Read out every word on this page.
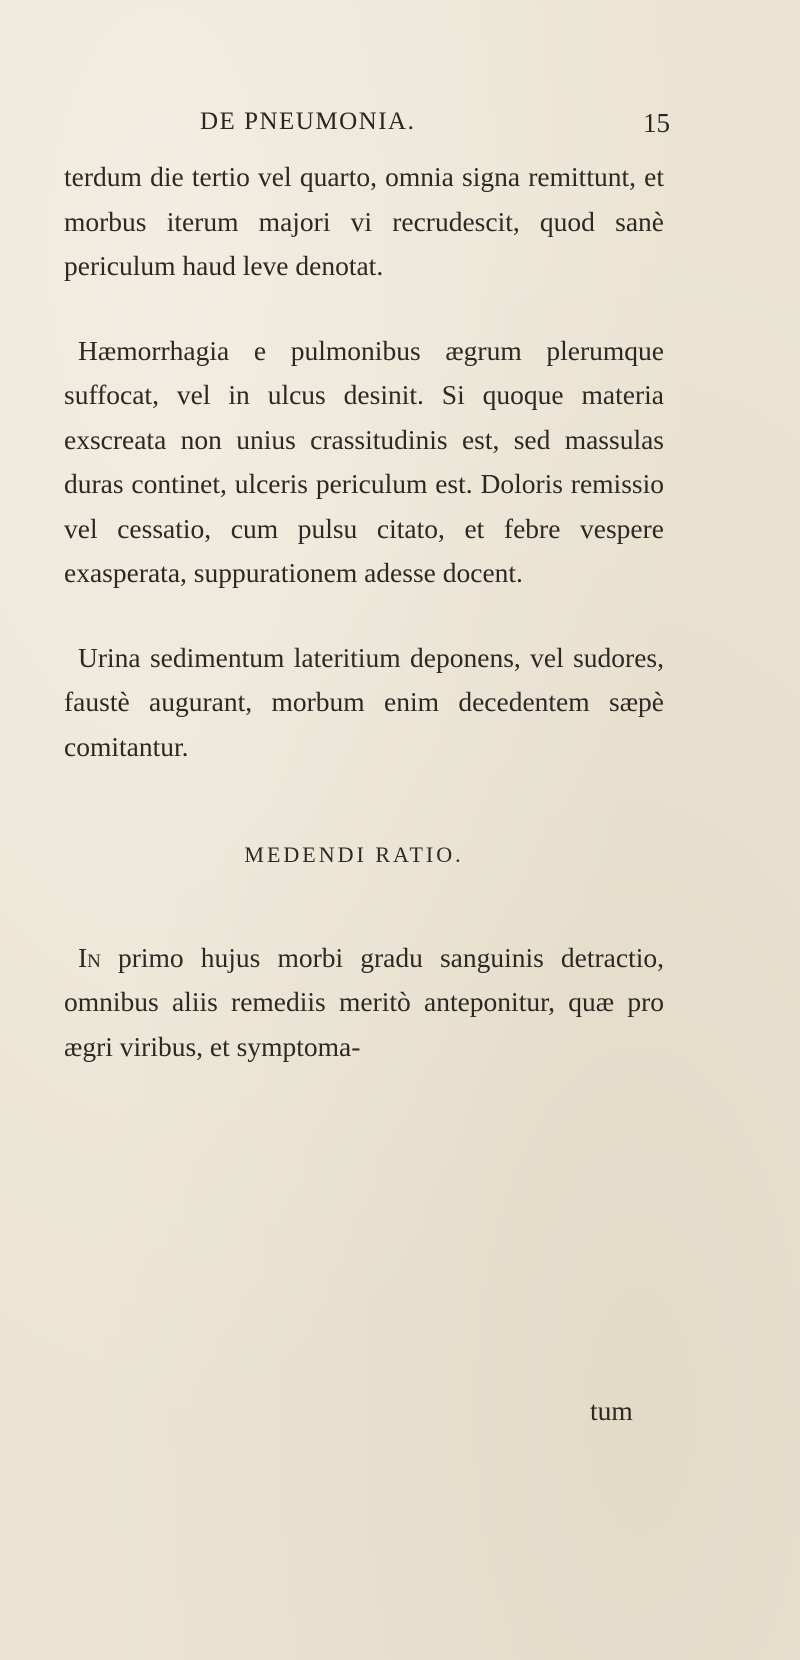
DE PNEUMONIA.	15

terdum die tertio vel quarto, omnia signa remittunt, et morbus iterum majori vi recrudescit, quod sanè periculum haud leve denotat.

Hæmorrhagia e pulmonibus ægrum plerumque suffocat, vel in ulcus desinit. Si quoque materia exscreata non unius crassitudinis est, sed massulas duras continet, ulceris periculum est. Doloris remissio vel cessatio, cum pulsu citato, et febre vespere exasperata, suppurationem adesse docent.

Urina sedimentum lateritium deponens, vel sudores, faustè augurant, morbum enim decedentem sæpè comitantur.

MEDENDI RATIO.

In primo hujus morbi gradu sanguinis detractio, omnibus aliis remediis meritò anteponitur, quæ pro ægri viribus, et symptoma-

tum
